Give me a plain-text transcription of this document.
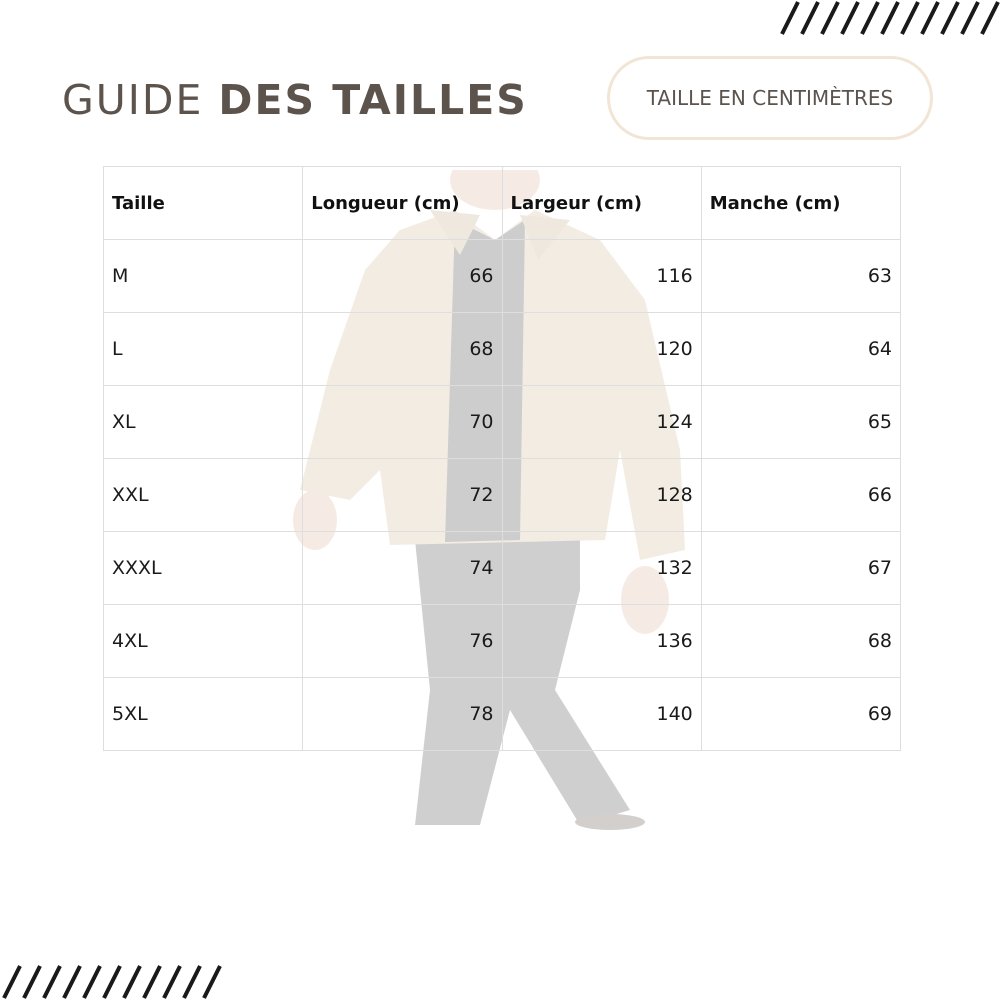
GUIDE DES TAILLES	TAILLE EN CENTIMÈTRES
Taille	Longueur (cm)	Largeur (cm)	Manche (cm)
M	66	116	63
L	68	120	64
XL	70	124	65
XXL	72	128	66
XXXL	74	132	67
4XL	76	136	68
5XL	78	140	69
